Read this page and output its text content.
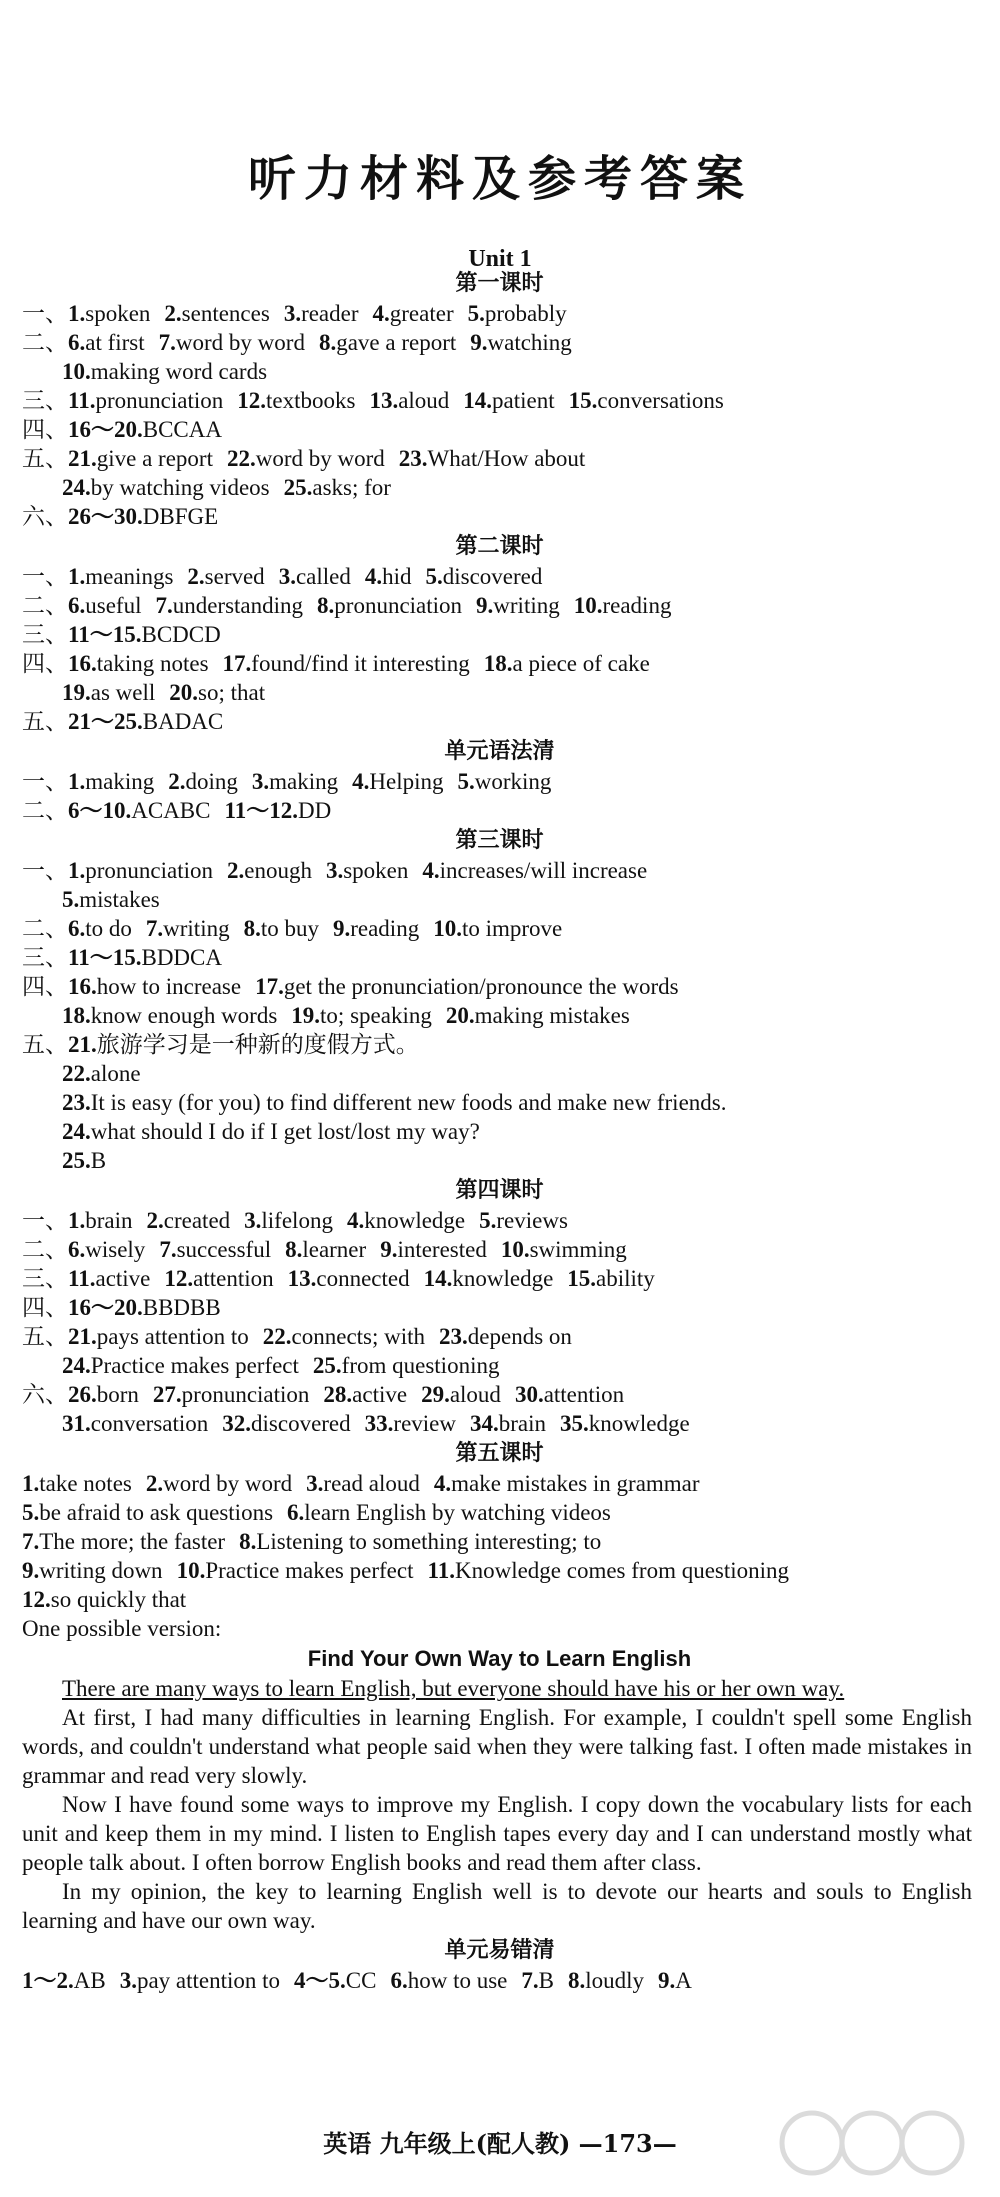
听力材料及参考答案
Unit 1
第一课时
一、1.spoken 2.sentences 3.reader 4.greater 5.probably
二、6.at first 7.word by word 8.gave a report 9.watching
10.making word cards
三、11.pronunciation 12.textbooks 13.aloud 14.patient 15.conversations
四、16～20.BCCAA
五、21.give a report 22.word by word 23.What/How about
24.by watching videos 25.asks; for
六、26～30.DBFGE
第二课时
一、1.meanings 2.served 3.called 4.hid 5.discovered
二、6.useful 7.understanding 8.pronunciation 9.writing 10.reading
三、11～15.BCDCD
四、16.taking notes 17.found/find it interesting 18.a piece of cake
19.as well 20.so; that
五、21～25.BADAC
单元语法清
一、1.making 2.doing 3.making 4.Helping 5.working
二、6～10.ACABC 11～12.DD
第三课时
一、1.pronunciation 2.enough 3.spoken 4.increases/will increase
5.mistakes
二、6.to do 7.writing 8.to buy 9.reading 10.to improve
三、11～15.BDDCA
四、16.how to increase 17.get the pronunciation/pronounce the words
18.know enough words 19.to; speaking 20.making mistakes
五、21.旅游学习是一种新的度假方式。
22.alone
23.It is easy (for you) to find different new foods and make new friends.
24.what should I do if I get lost/lost my way?
25.B
第四课时
一、1.brain 2.created 3.lifelong 4.knowledge 5.reviews
二、6.wisely 7.successful 8.learner 9.interested 10.swimming
三、11.active 12.attention 13.connected 14.knowledge 15.ability
四、16～20.BBDBB
五、21.pays attention to 22.connects; with 23.depends on
24.Practice makes perfect 25.from questioning
六、26.born 27.pronunciation 28.active 29.aloud 30.attention
31.conversation 32.discovered 33.review 34.brain 35.knowledge
第五课时
1.take notes 2.word by word 3.read aloud 4.make mistakes in grammar
5.be afraid to ask questions 6.learn English by watching videos
7.The more; the faster 8.Listening to something interesting; to
9.writing down 10.Practice makes perfect 11.Knowledge comes from questioning
12.so quickly that
One possible version:
Find Your Own Way to Learn English

There are many ways to learn English, but everyone should have his or her own way.

At first, I had many difficulties in learning English. For example, I couldn't spell some English words, and couldn't understand what people said when they were talking fast. I often made mistakes in grammar and read very slowly.

Now I have found some ways to improve my English. I copy down the vocabulary lists for each unit and keep them in my mind. I listen to English tapes every day and I can understand mostly what people talk about. I often borrow English books and read them after class.

In my opinion, the key to learning English well is to devote our hearts and souls to English learning and have our own way.

单元易错清
1～2.AB 3.pay attention to 4～5.CC 6.how to use 7.B 8.loudly 9.A
英语 九年级上(配人教) —173—
